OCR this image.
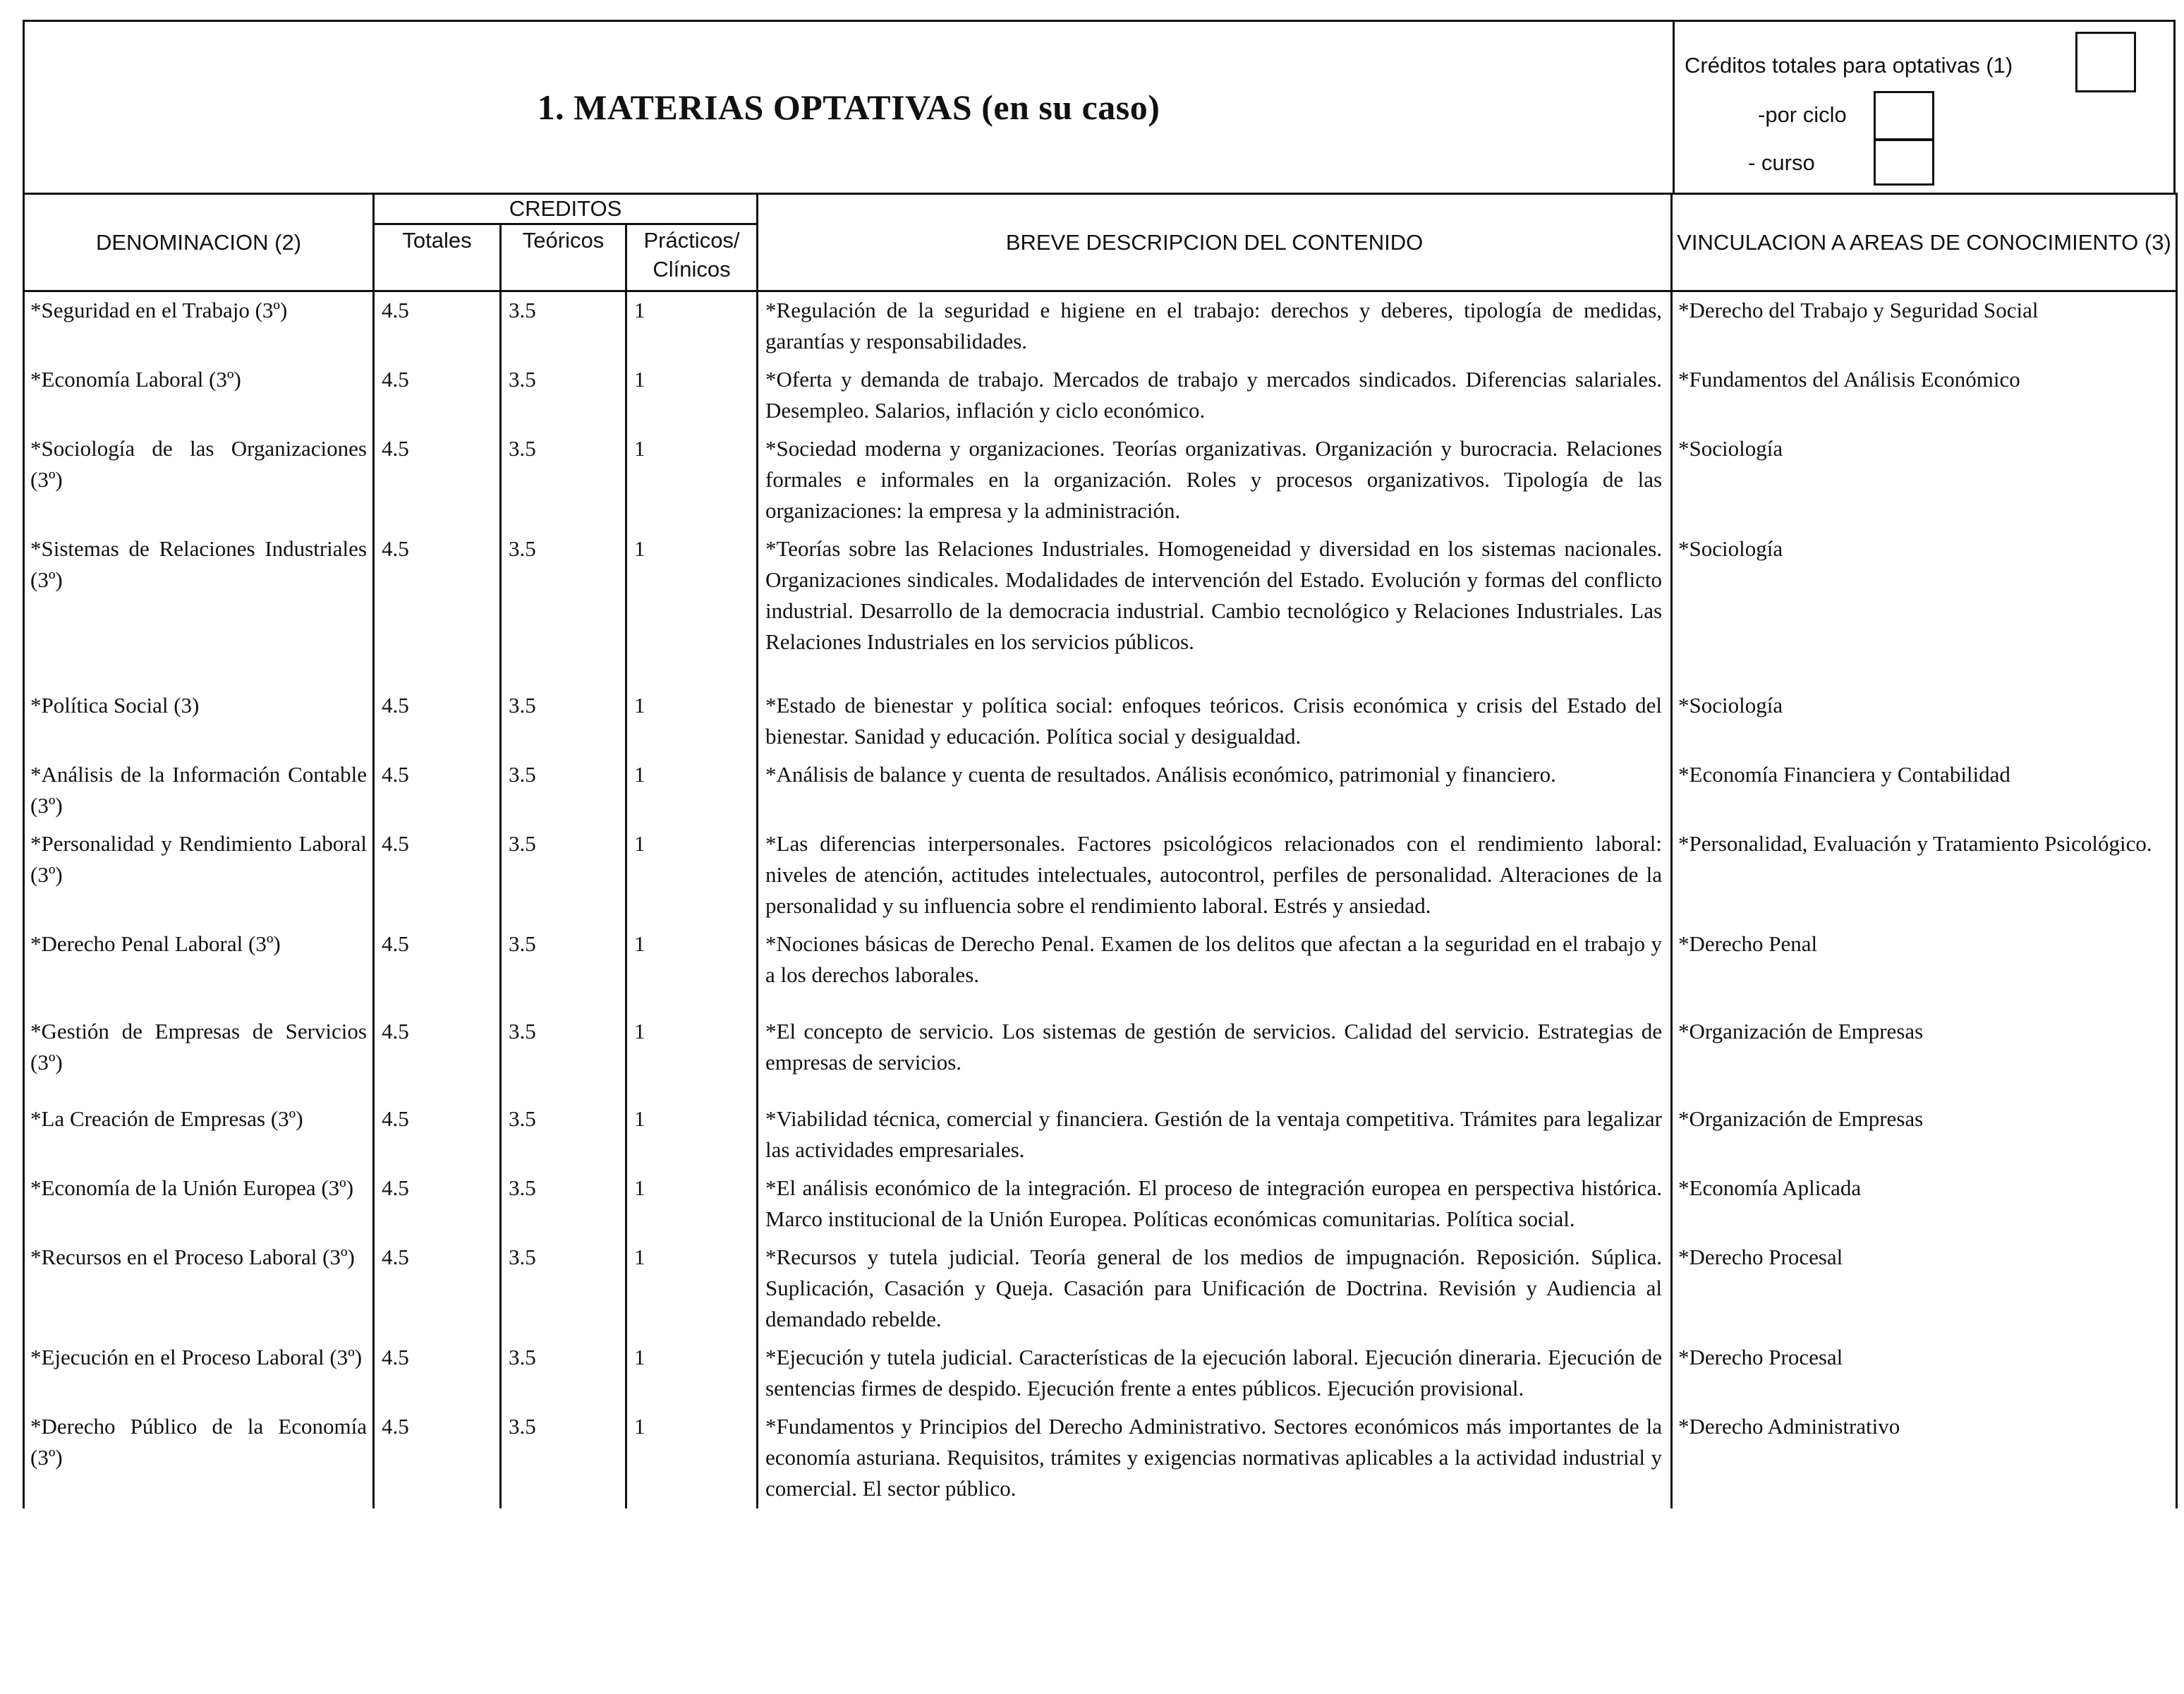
1. MATERIAS OPTATIVAS (en su caso)
Créditos totales para optativas (1)
-por ciclo
- curso
DENOMINACION (2)	CREDITOS			BREVE DESCRIPCION DEL CONTENIDO	VINCULACION A AREAS DE CONOCIMIENTO (3)
	Totales	Teóricos	Prácticos/ Clínicos		
*Seguridad en el Trabajo (3º)	4.5	3.5	1	*Regulación de la seguridad e higiene en el trabajo: derechos y deberes, tipología de medidas, garantías y responsabilidades.	*Derecho del Trabajo y Seguridad Social
*Economía Laboral (3º)	4.5	3.5	1	*Oferta y demanda de trabajo. Mercados de trabajo y mercados sindicados. Diferencias salariales. Desempleo. Salarios, inflación y ciclo económico.	*Fundamentos del Análisis Económico
*Sociología de las Organizaciones (3º)	4.5	3.5	1	*Sociedad moderna y organizaciones. Teorías organizativas. Organización y burocracia. Relaciones formales e informales en la organización. Roles y procesos organizativos. Tipología de las organizaciones: la empresa y la administración.	*Sociología
*Sistemas de Relaciones Industriales (3º)	4.5	3.5	1	*Teorías sobre las Relaciones Industriales. Homogeneidad y diversidad en los sistemas nacionales. Organizaciones sindicales. Modalidades de intervención del Estado. Evolución y formas del conflicto industrial. Desarrollo de la democracia industrial. Cambio tecnológico y Relaciones Industriales. Las Relaciones Industriales en los servicios públicos.	*Sociología
*Política Social (3)	4.5	3.5	1	*Estado de bienestar y política social: enfoques teóricos. Crisis económica y crisis del Estado del bienestar. Sanidad y educación. Política social y desigualdad.	*Sociología
*Análisis de la Información Contable (3º)	4.5	3.5	1	*Análisis de balance y cuenta de resultados. Análisis económico, patrimonial y financiero.	*Economía Financiera y Contabilidad
*Personalidad y Rendimiento Laboral (3º)	4.5	3.5	1	*Las diferencias interpersonales. Factores psicológicos relacionados con el rendimiento laboral: niveles de atención, actitudes intelectuales, autocontrol, perfiles de personalidad. Alteraciones de la personalidad y su influencia sobre el rendimiento laboral. Estrés y ansiedad.	*Personalidad, Evaluación y Tratamiento Psicológico.
*Derecho Penal Laboral (3º)	4.5	3.5	1	*Nociones básicas de Derecho Penal. Examen de los delitos que afectan a la seguridad en el trabajo y a los derechos laborales.	*Derecho Penal
*Gestión de Empresas de Servicios (3º)	4.5	3.5	1	*El concepto de servicio. Los sistemas de gestión de servicios. Calidad del servicio. Estrategias de empresas de servicios.	*Organización de Empresas
*La Creación de Empresas (3º)	4.5	3.5	1	*Viabilidad técnica, comercial y financiera. Gestión de la ventaja competitiva. Trámites para legalizar las actividades empresariales.	*Organización de Empresas
*Economía de la Unión Europea (3º)	4.5	3.5	1	*El análisis económico de la integración. El proceso de integración europea en perspectiva histórica. Marco institucional de la Unión Europea. Políticas económicas comunitarias. Política social.	*Economía Aplicada
*Recursos en el Proceso Laboral (3º)	4.5	3.5	1	*Recursos y tutela judicial. Teoría general de los medios de impugnación. Reposición. Súplica. Suplicación, Casación y Queja. Casación para Unificación de Doctrina. Revisión y Audiencia al demandado rebelde.	*Derecho Procesal
*Ejecución en el Proceso Laboral (3º)	4.5	3.5	1	*Ejecución y tutela judicial. Características de la ejecución laboral. Ejecución dineraria. Ejecución de sentencias firmes de despido. Ejecución frente a entes públicos. Ejecución provisional.	*Derecho Procesal
*Derecho Público de la Economía (3º)	4.5	3.5	1	*Fundamentos y Principios del Derecho Administrativo. Sectores económicos más importantes de la economía asturiana. Requisitos, trámites y exigencias normativas aplicables a la actividad industrial y comercial. El sector público.	*Derecho Administrativo
